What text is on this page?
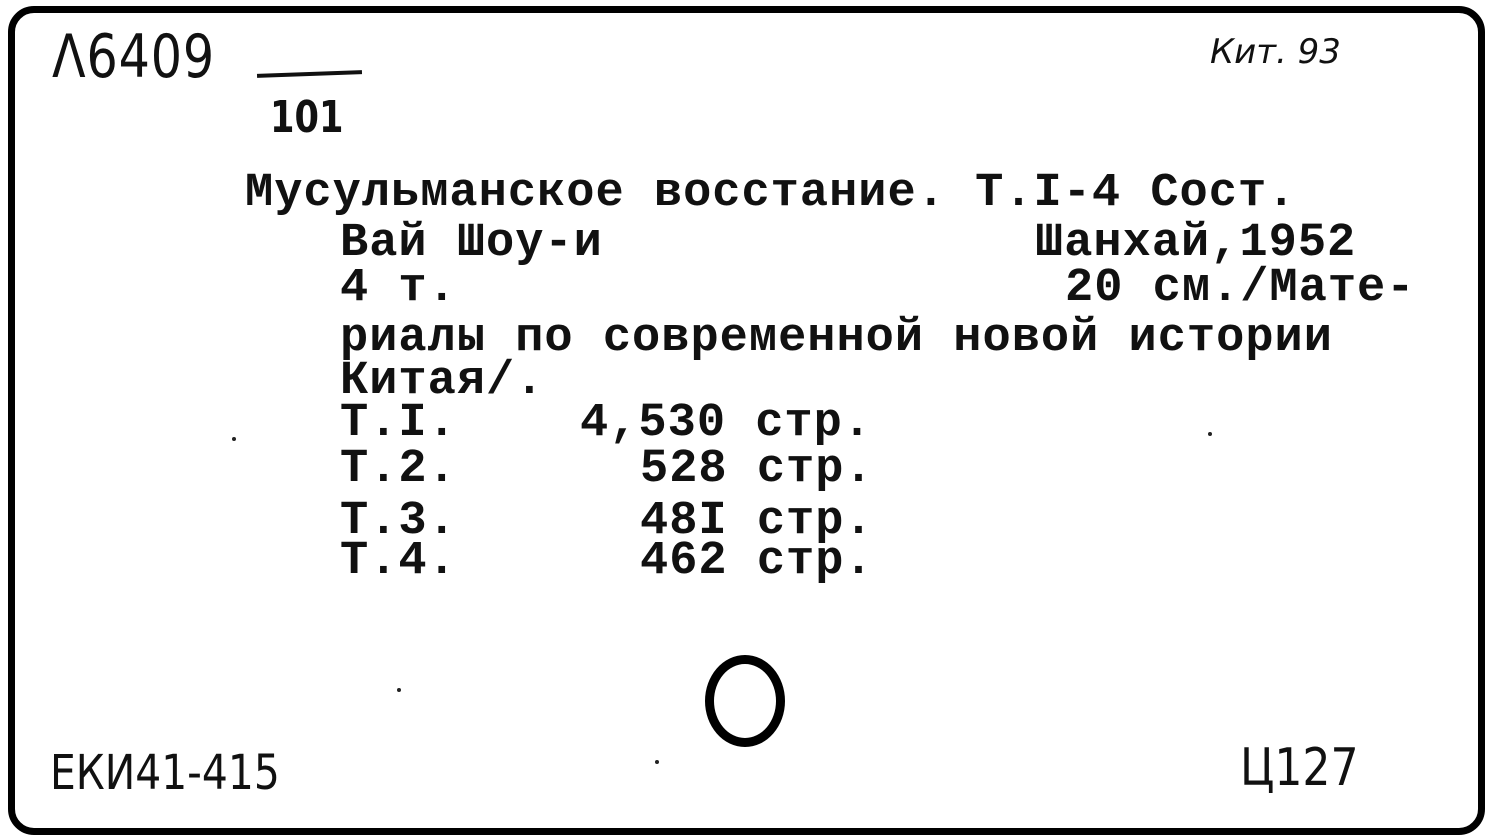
Λ6409
101
Кит. 93
Мусульманское восстание. Т.I-4 Сост.
Вай Шоу-и	Шанхай,1952
4 т.	20 см./Мате-
риалы по современной новой истории
Китая/.
Т.I.	4,530 стр.
Т.2.	528 стр.
Т.3.	48I стр.
Т.4.	462 стр.
ЕКИ41-415	Ц127
